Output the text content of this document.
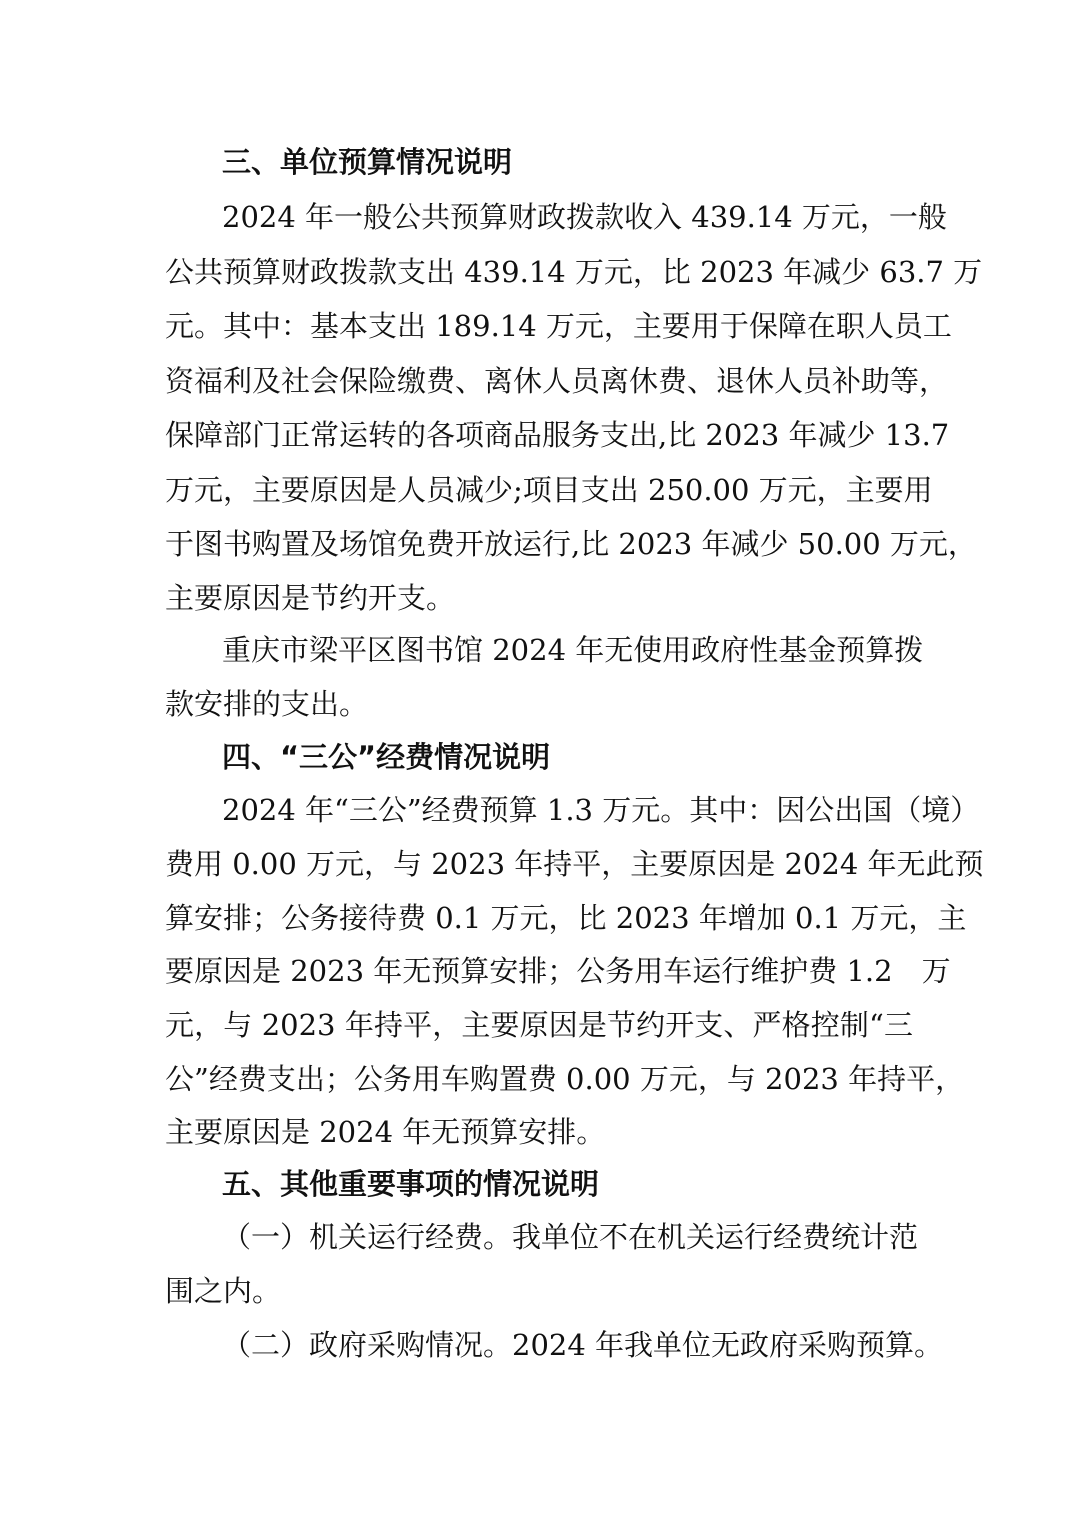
三、单位预算情况说明
2024 年一般公共预算财政拨款收入 439.14 万元，一般
公共预算财政拨款支出 439.14 万元，比 2023 年减少 63.7 万
元。其中：基本支出 189.14 万元，主要用于保障在职人员工
资福利及社会保险缴费、离休人员离休费、退休人员补助等，
保障部门正常运转的各项商品服务支出,比 2023 年减少 13.7
万元，主要原因是人员减少;项目支出 250.00 万元，主要用
于图书购置及场馆免费开放运行,比 2023 年减少 50.00 万元，
主要原因是节约开支。
重庆市梁平区图书馆 2024 年无使用政府性基金预算拨
款安排的支出。
四、“三公”经费情况说明
2024 年“三公”经费预算 1.3 万元。其中：因公出国（境）
费用 0.00 万元，与 2023 年持平，主要原因是 2024 年无此预
算安排；公务接待费 0.1 万元，比 2023 年增加 0.1 万元，主
要原因是 2023 年无预算安排；公务用车运行维护费 1.2　万
元，与 2023 年持平，主要原因是节约开支、严格控制“三
公”经费支出；公务用车购置费 0.00 万元，与 2023 年持平，
主要原因是 2024 年无预算安排。
五、其他重要事项的情况说明
（一）机关运行经费。我单位不在机关运行经费统计范
围之内。
（二）政府采购情况。2024 年我单位无政府采购预算。
